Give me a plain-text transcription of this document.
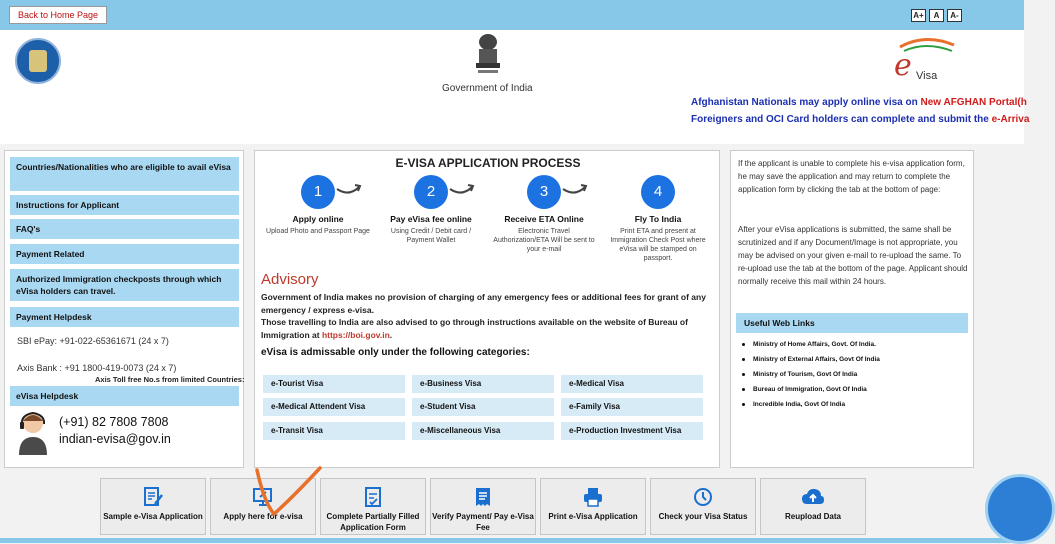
Back to Home Page	A+	A	A-
Government of India
e Visa
Afghanistan Nationals may apply online visa on New AFGHAN Portal(h
Foreigners and OCI Card holders can complete and submit the e-Arriva
Countries/Nationalities who are eligible to avail eVisa
Instructions for Applicant
FAQ's
Payment Related
Authorized Immigration checkposts through which eVisa holders can travel.
Payment Helpdesk
SBI ePay: +91-022-65361671 (24 x 7)
Axis Bank : +91 1800-419-0073 (24 x 7)
Axis Toll free No.s from limited Countries:
eVisa Helpdesk
(+91) 82 7808 7808
indian-evisa@gov.in
E-VISA APPLICATION PROCESS
1
Apply online
Upload Photo and Passport Page
2
Pay eVisa fee online
Using Credit / Debit card / Payment Wallet
3
Receive ETA Online
Electronic Travel Authorization/ETA Will be sent to your e-mail
4
Fly To India
Print ETA and present at Immigration Check Post where eVisa will be stamped on passport.
Advisory
Government of India makes no provision of charging of any emergency fees or additional fees for grant of any emergency / express e-visa.
Those travelling to India are also advised to go through instructions available on the website of Bureau of Immigration at https://boi.gov.in.
eVisa is admissable only under the following categories:
e-Tourist Visa	e-Business Visa	e-Medical Visa
e-Medical Attendent Visa	e-Student Visa	e-Family Visa
e-Transit Visa	e-Miscellaneous Visa	e-Production Investment Visa
If the applicant is unable to complete his e-visa application form, he may save the application and may return to complete the application form by clicking the tab at the bottom of page:
After your eVisa applications is submitted, the same shall be scrutinized and if any Document/Image is not appropriate, you may be advised on your given e-mail to re-upload the same. To re-upload use the tab at the bottom of the page. Applicant should normally receive this mail within 24 hours.
Useful Web Links
Ministry of Home Affairs, Govt. Of India.
Ministry of External Affairs, Govt Of India
Ministry of Tourism, Govt Of India
Bureau of Immigration, Govt Of India
Incredible India, Govt Of India
Sample e-Visa Application	Apply here for e-visa	Complete Partially Filled Application Form
Verify Payment/ Pay e-Visa Fee
Print e-Visa Application	Check your Visa Status	Reupload Data
